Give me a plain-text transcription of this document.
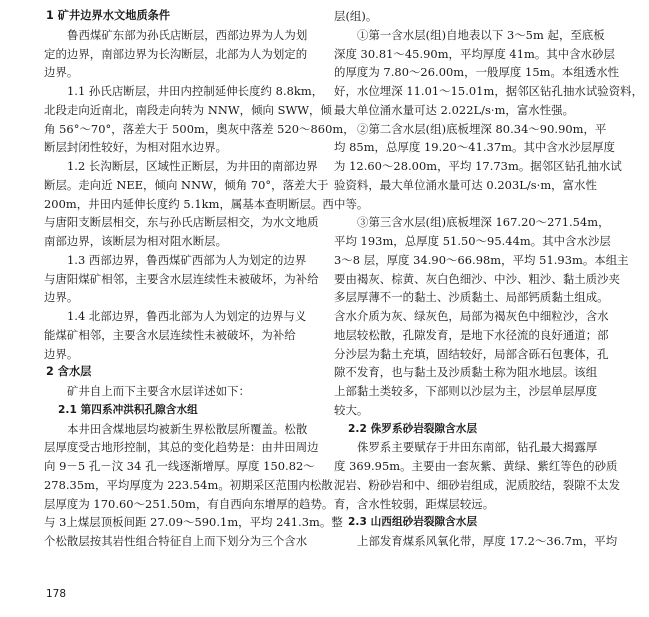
1 矿井边界水文地质条件
鲁西煤矿东部为孙氏店断层，西部边界为人为划
定的边界，南部边界为长沟断层，北部为人为划定的
边界。
1.1 孙氏店断层，井田内控制延伸长度约 8.8km，
北段走向近南北，南段走向转为 NNW，倾向 SWW，倾
角 56°～70°，落差大于 500m，奥灰中落差 520～860m，
断层封闭性较好，为相对阻水边界。
1.2 长沟断层，区域性正断层，为井田的南部边界
断层。走向近 NEE，倾向 NNW，倾角 70°，落差大于
200m，井田内延伸长度约 5.1km，属基本查明断层。西
与唐阳支断层相交，东与孙氏店断层相交，为水文地质
南部边界，该断层为相对阻水断层。
1.3 西部边界，鲁西煤矿西部为人为划定的边界
与唐阳煤矿相邻，主要含水层连续性未被破坏，为补给
边界。
1.4 北部边界，鲁西北部为人为划定的边界与义
能煤矿相邻，主要含水层连续性未被破坏，为补给
边界。
2 含水层
矿井自上而下主要含水层详述如下：
2.1 第四系冲洪积孔隙含水组
本井田含煤地层均被新生界松散层所覆盖。松散
层厚度受古地形控制，其总的变化趋势是：由井田周边
向 9－5 孔－汶 34 孔一线逐渐增厚。厚度 150.82～
278.35m，平均厚度为 223.54m。初期采区范围内松散
层厚度为 170.60～251.50m，有自西向东增厚的趋势。
与 3上煤层顶板间距 27.09～590.1m，平均 241.3m。整
个松散层按其岩性组合特征自上而下划分为三个含水
层(组)。
①第一含水层(组)自地表以下 3～5m 起，至底板
深度 30.81～45.90m，平均厚度 41m。其中含水砂层
的厚度为 7.80～26.00m，一般厚度 15m。本组透水性
好，水位埋深 11.01～15.01m，据邻区钻孔抽水试验资料，
最大单位涌水量可达 2.022L/s·m，富水性强。
②第二含水层(组)底板埋深 80.34～90.90m，平
均 85m，总厚度 19.20～41.37m。其中含水沙层厚度
为 12.60～28.00m，平均 17.73m。据邻区钻孔抽水试
验资料，最大单位涌水量可达 0.203L/s·m，富水性
中等。
③第三含水层(组)底板埋深 167.20～271.54m，
平均 193m，总厚度 51.50～95.44m。其中含水沙层
3～8 层，厚度 34.90～66.98m，平均 51.93m。本组主
要由褐灰、棕黄、灰白色细沙、中沙、粗沙、黏土质沙夹
多层厚薄不一的黏土、沙质黏土、局部钙质黏土组成。
含水介质为灰、绿灰色，局部为褐灰色中细粒沙，含水
地层较松散，孔隙发育，是地下水径流的良好通道；部
分沙层为黏土充填，固结较好，局部含砾石包裹体，孔
隙不发育，也与黏土及沙质黏土称为阻水地层。该组
上部黏土类较多，下部则以沙层为主，沙层单层厚度
较大。
2.2 侏罗系砂岩裂隙含水层
侏罗系主要赋存于井田东南部，钻孔最大揭露厚
度 369.95m。主要由一套灰紫、黄绿、紫红等色的砂质
泥岩、粉砂岩和中、细砂岩组成，泥质胶结，裂隙不太发
育，含水性较弱，距煤层较远。
2.3 山西组砂岩裂隙含水层
上部发育煤系风氧化带，厚度 17.2～36.7m，平均
178
